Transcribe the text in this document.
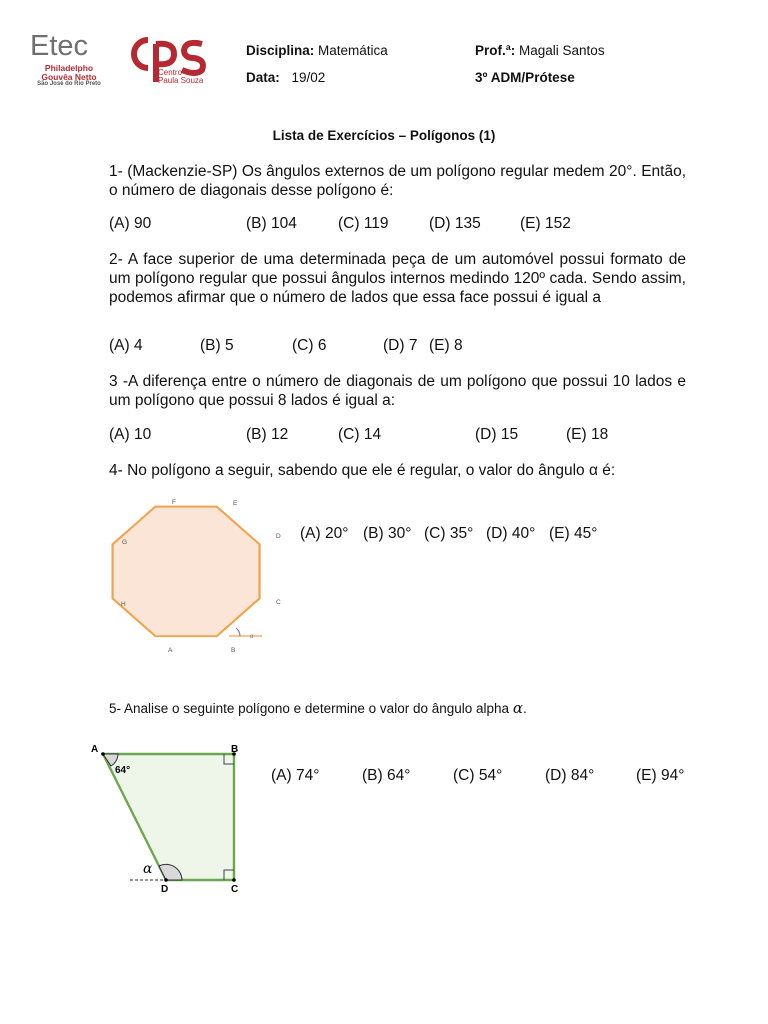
Etec
Philadelpho
Gouvêa Netto
São José do Rio Preto
Centro
Paula Souza
Disciplina: Matemática
Data: 19/02
Prof.ª: Magali Santos
3º ADM/Prótese
Lista de Exercícios – Polígonos (1)
1- (Mackenzie-SP) Os ângulos externos de um polígono regular medem 20°. Então, o número de diagonais desse polígono é:
(A) 90	(B) 104	(C) 119	(D) 135	(E) 152
2- A face superior de uma determinada peça de um automóvel possui formato de um polígono regular que possui ângulos internos medindo 120º cada. Sendo assim, podemos afirmar que o número de lados que essa face possui é igual a
(A) 4	(B) 5	(C) 6	(D) 7 (E) 8
3 -A diferença entre o número de diagonais de um polígono que possui 10 lados e um polígono que possui 8 lados é igual a:
(A) 10	(B) 12	(C) 14	(D) 15	(E) 18
4- No polígono a seguir, sabendo que ele é regular, o valor do ângulo α é:
A	B
C
D
E
F
G
H
α
(A) 20° (B) 30° (C) 35° (D) 40° (E) 45°
5- Analise o seguinte polígono e determine o valor do ângulo alpha α.
A	B
C
D
64°
α
(A) 74°	(B) 64°	(C) 54°	(D) 84°	(E) 94°
